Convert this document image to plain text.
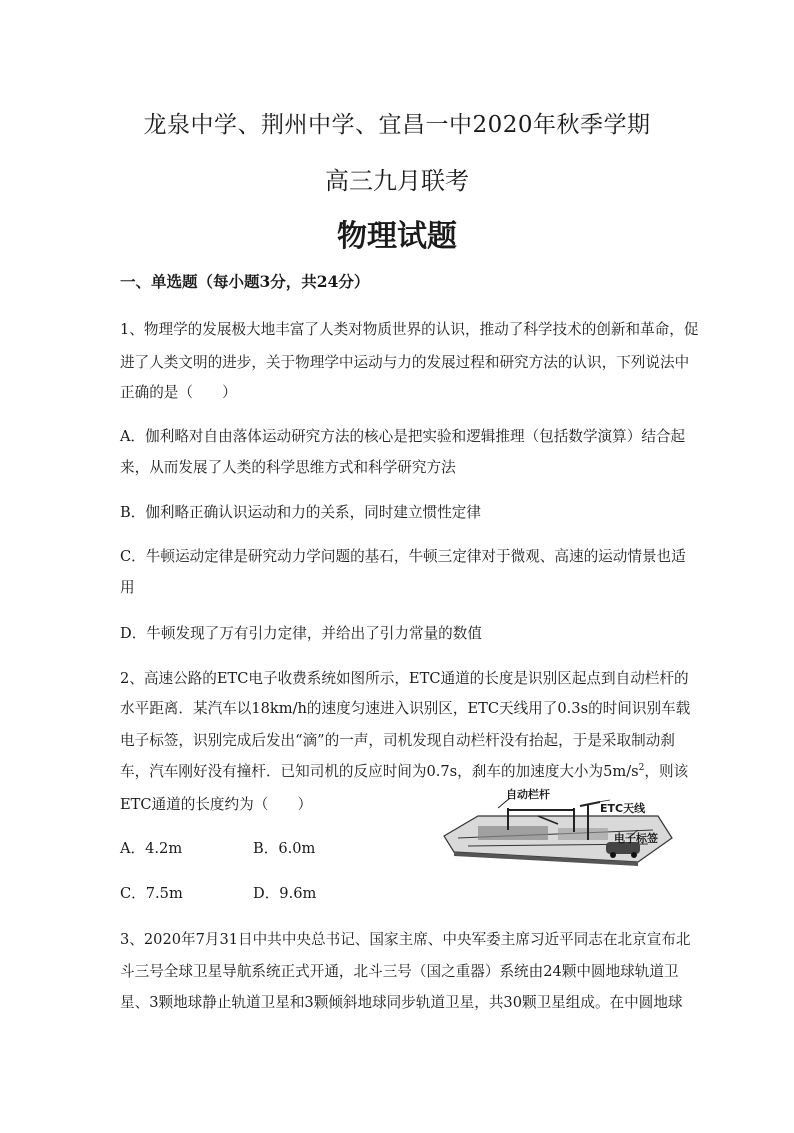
龙泉中学、荆州中学、宜昌一中2020年秋季学期
高三九月联考
物理试题
一、单选题（每小题3分，共24分）
1、物理学的发展极大地丰富了人类对物质世界的认识，推动了科学技术的创新和革命，促
进了人类文明的进步，关于物理学中运动与力的发展过程和研究方法的认识，下列说法中
正确的是（　　）
A．伽利略对自由落体运动研究方法的核心是把实验和逻辑推理（包括数学演算）结合起
来，从而发展了人类的科学思维方式和科学研究方法
B．伽利略正确认识运动和力的关系，同时建立惯性定律
C．牛顿运动定律是研究动力学问题的基石，牛顿三定律对于微观、高速的运动情景也适
用
D．牛顿发现了万有引力定律，并给出了引力常量的数值
2、高速公路的ETC电子收费系统如图所示，ETC通道的长度是识别区起点到自动栏杆的
水平距离．某汽车以18km/h的速度匀速进入识别区，ETC天线用了0.3s的时间识别车载
电子标签，识别完成后发出“滴”的一声，司机发现自动栏杆没有抬起，于是采取制动刹
车，汽车刚好没有撞杆．已知司机的反应时间为0.7s，刹车的加速度大小为$5m/s^2$，则该
ETC通道的长度约为（　　）
A．4.2m	B．6.0m
C．7.5m	D．9.6m
自动栏杆
ETC天线
电子标签
3、2020年7月31日中共中央总书记、国家主席、中央军委主席习近平同志在北京宣布北
斗三号全球卫星导航系统正式开通，北斗三号（国之重器）系统由24颗中圆地球轨道卫
星、3颗地球静止轨道卫星和3颗倾斜地球同步轨道卫星，共30颗卫星组成。在中圆地球
